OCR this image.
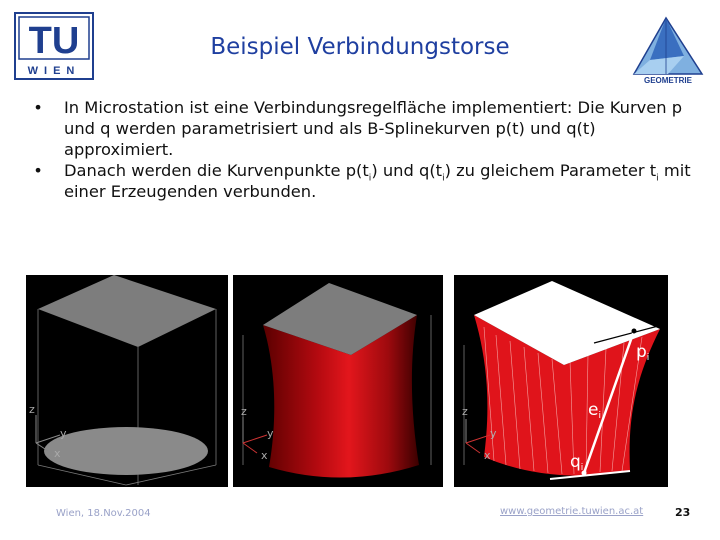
TU
WIEN
Beispiel Verbindungstorse
GEOMETRIE

•	In Microstation ist eine Verbindungsregelfläche implementiert: Die Kurven p und q werden parametrisiert und als B-Splinekurven p(t) und q(t) approximiert.

•	Danach werden die Kurvenpunkte $p(t_i)$ und $q(t_i)$ zu gleichem Parameter $t_i$ mit einer Erzeugenden verbunden.

z
y
x
z
y
x
pi
ei
qi
z
y
x
Wien, 18.Nov.2004	www.geometrie.tuwien.ac.at	23
